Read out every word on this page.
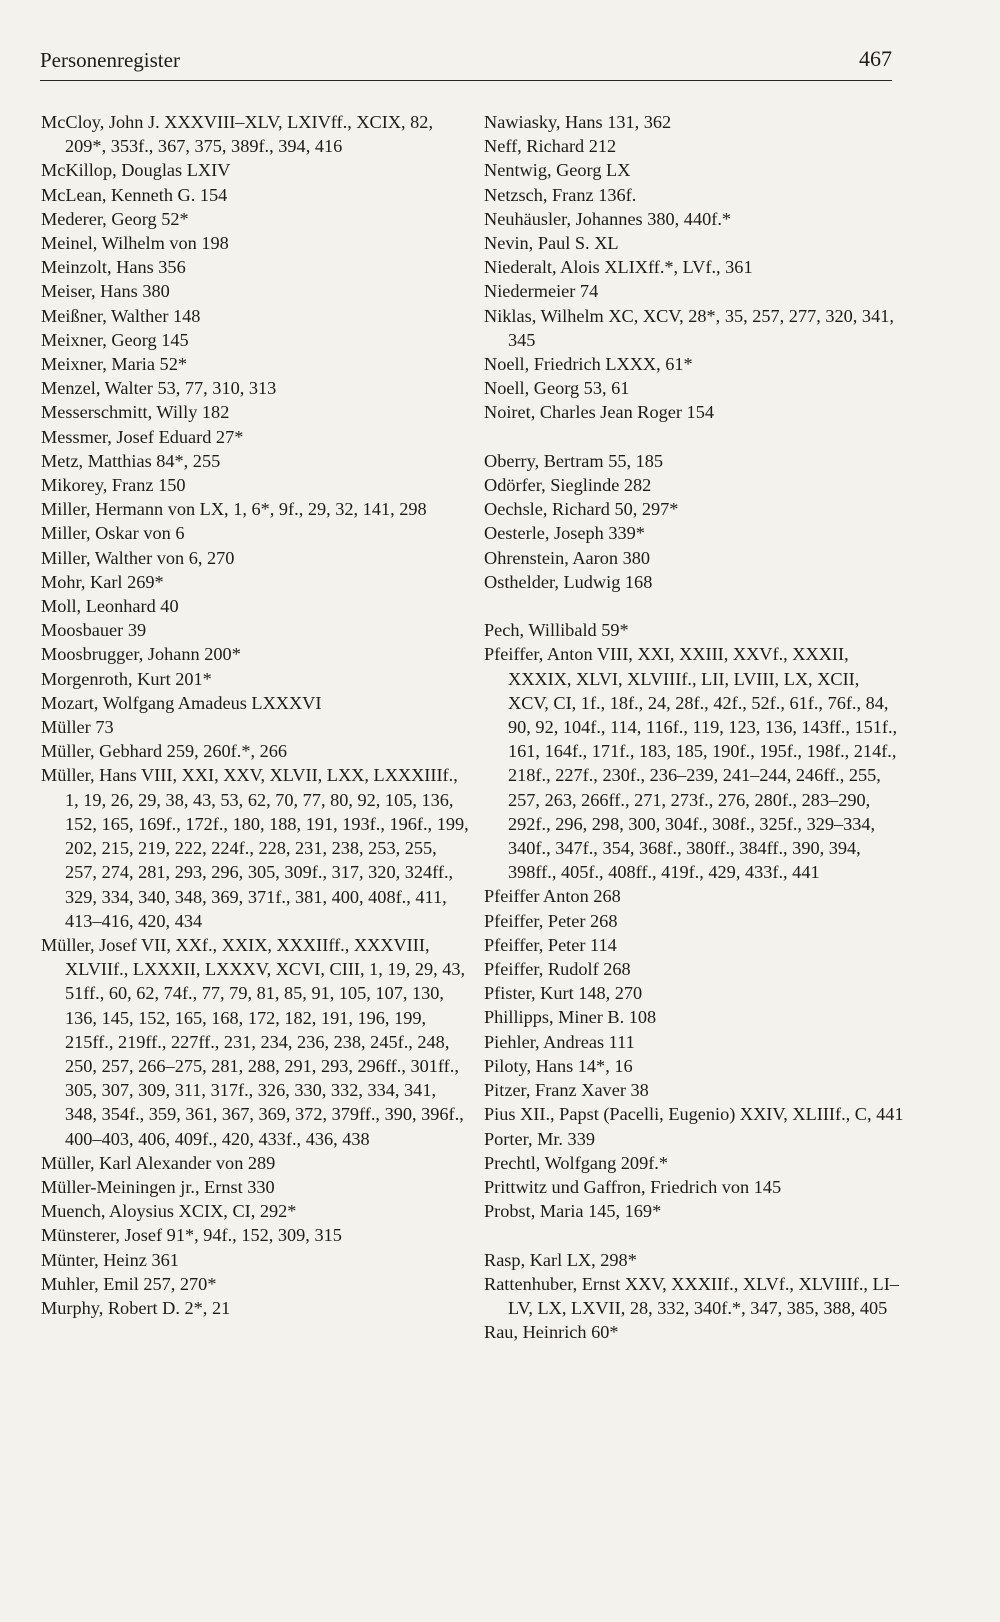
Personenregister	467
McCloy, John J. XXXVIII–XLV, LXIVff., XCIX, 82, 209*, 353f., 367, 375, 389f., 394, 416
McKillop, Douglas LXIV
McLean, Kenneth G. 154
Mederer, Georg 52*
Meinel, Wilhelm von 198
Meinzolt, Hans 356
Meiser, Hans 380
Meißner, Walther 148
Meixner, Georg 145
Meixner, Maria 52*
Menzel, Walter 53, 77, 310, 313
Messerschmitt, Willy 182
Messmer, Josef Eduard 27*
Metz, Matthias 84*, 255
Mikorey, Franz 150
Miller, Hermann von LX, 1, 6*, 9f., 29, 32, 141, 298
Miller, Oskar von 6
Miller, Walther von 6, 270
Mohr, Karl 269*
Moll, Leonhard 40
Moosbauer 39
Moosbrugger, Johann 200*
Morgenroth, Kurt 201*
Mozart, Wolfgang Amadeus LXXXVI
Müller 73
Müller, Gebhard 259, 260f.*, 266
Müller, Hans VIII, XXI, XXV, XLVII, LXX, LXXXIIIf., 1, 19, 26, 29, 38, 43, 53, 62, 70, 77, 80, 92, 105, 136, 152, 165, 169f., 172f., 180, 188, 191, 193f., 196f., 199, 202, 215, 219, 222, 224f., 228, 231, 238, 253, 255, 257, 274, 281, 293, 296, 305, 309f., 317, 320, 324ff., 329, 334, 340, 348, 369, 371f., 381, 400, 408f., 411, 413–416, 420, 434
Müller, Josef VII, XXf., XXIX, XXXIIff., XXXVIII, XLVIIf., LXXXII, LXXXV, XCVI, CIII, 1, 19, 29, 43, 51ff., 60, 62, 74f., 77, 79, 81, 85, 91, 105, 107, 130, 136, 145, 152, 165, 168, 172, 182, 191, 196, 199, 215ff., 219ff., 227ff., 231, 234, 236, 238, 245f., 248, 250, 257, 266–275, 281, 288, 291, 293, 296ff., 301ff., 305, 307, 309, 311, 317f., 326, 330, 332, 334, 341, 348, 354f., 359, 361, 367, 369, 372, 379ff., 390, 396f., 400–403, 406, 409f., 420, 433f., 436, 438
Müller, Karl Alexander von 289
Müller-Meiningen jr., Ernst 330
Muench, Aloysius XCIX, CI, 292*
Münsterer, Josef 91*, 94f., 152, 309, 315
Münter, Heinz 361
Muhler, Emil 257, 270*
Murphy, Robert D. 2*, 21
Nawiasky, Hans 131, 362
Neff, Richard 212
Nentwig, Georg LX
Netzsch, Franz 136f.
Neuhäusler, Johannes 380, 440f.*
Nevin, Paul S. XL
Niederalt, Alois XLIXff.*, LVf., 361
Niedermeier 74
Niklas, Wilhelm XC, XCV, 28*, 35, 257, 277, 320, 341, 345
Noell, Friedrich LXXX, 61*
Noell, Georg 53, 61
Noiret, Charles Jean Roger 154
Oberry, Bertram 55, 185
Odörfer, Sieglinde 282
Oechsle, Richard 50, 297*
Oesterle, Joseph 339*
Ohrenstein, Aaron 380
Osthelder, Ludwig 168
Pech, Willibald 59*
Pfeiffer, Anton VIII, XXI, XXIII, XXVf., XXXII, XXXIX, XLVI, XLVIIIf., LII, LVIII, LX, XCII, XCV, CI, 1f., 18f., 24, 28f., 42f., 52f., 61f., 76f., 84, 90, 92, 104f., 114, 116f., 119, 123, 136, 143ff., 151f., 161, 164f., 171f., 183, 185, 190f., 195f., 198f., 214f., 218f., 227f., 230f., 236–239, 241–244, 246ff., 255, 257, 263, 266ff., 271, 273f., 276, 280f., 283–290, 292f., 296, 298, 300, 304f., 308f., 325f., 329–334, 340f., 347f., 354, 368f., 380ff., 384ff., 390, 394, 398ff., 405f., 408ff., 419f., 429, 433f., 441
Pfeiffer Anton 268
Pfeiffer, Peter 268
Pfeiffer, Peter 114
Pfeiffer, Rudolf 268
Pfister, Kurt 148, 270
Phillipps, Miner B. 108
Piehler, Andreas 111
Piloty, Hans 14*, 16
Pitzer, Franz Xaver 38
Pius XII., Papst (Pacelli, Eugenio) XXIV, XLIIIf., C, 441
Porter, Mr. 339
Prechtl, Wolfgang 209f.*
Prittwitz und Gaffron, Friedrich von 145
Probst, Maria 145, 169*
Rasp, Karl LX, 298*
Rattenhuber, Ernst XXV, XXXIIf., XLVf., XLVIIIf., LI–LV, LX, LXVII, 28, 332, 340f.*, 347, 385, 388, 405
Rau, Heinrich 60*
